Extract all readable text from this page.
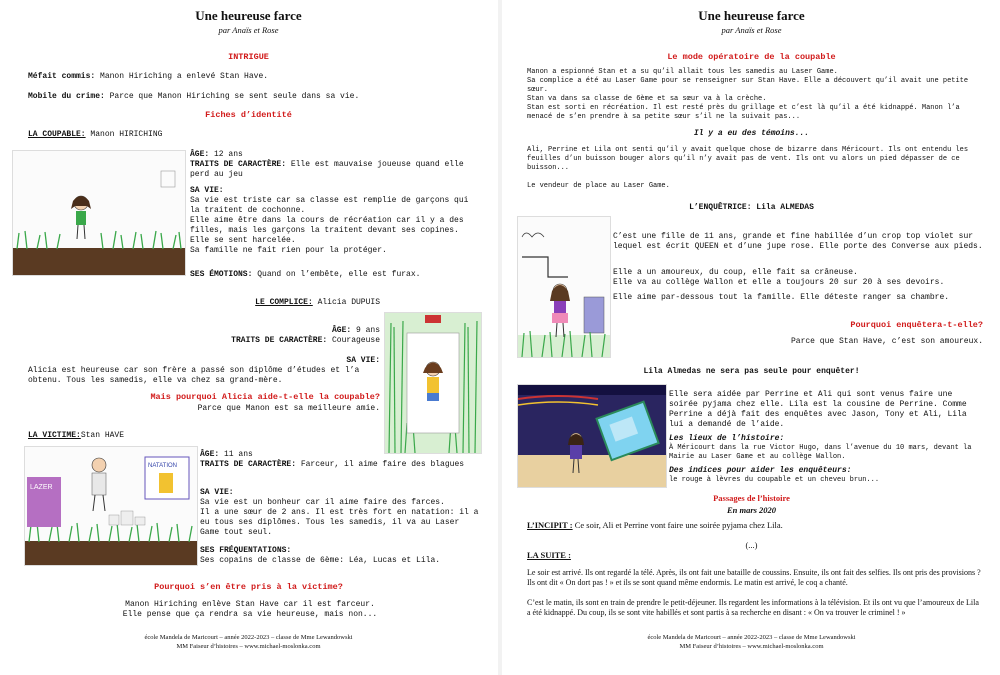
Une heureuse farce
par Anaïs et Rose
INTRIGUE
Méfait commis: Manon Hiriching a enlevé Stan Have.
Mobile du crime: Parce que Manon Hiriching se sent seule dans sa vie.
Fiches d’identité
LA COUPABLE: Manon HIRICHING
ÂGE: 12 ans
TRAITS DE CARACTÈRE: Elle est mauvaise joueuse quand elle perd au jeu
SA VIE:
Sa vie est triste car sa classe est remplie de garçons qui la traitent de cochonne.
Elle aime être dans la cours de récréation car il y a des filles, mais les garçons la traitent devant ses copines.
Elle se sent harcelée.
Sa famille ne fait rien pour la protéger.
SES ÉMOTIONS: Quand on l’embête, elle est furax.
LE COMPLICE: Alicia DUPUIS
ÂGE: 9 ans
TRAITS DE CARACTÈRE: Courageuse
SA VIE:
Alicia est heureuse car son frère a passé son diplôme d’études et l’a obtenu. Tous les samedis, elle va chez sa grand-mère.
Mais pourquoi Alicia aide-t-elle la coupable?
Parce que Manon est sa meilleure amie.
LA VICTIME:Stan HAVE
LAZER
NATATION
ÂGE: 11 ans
TRAITS DE CARACTÈRE: Farceur, il aime faire des blagues
SA VIE:
Sa vie est un bonheur car il aime faire des farces.
Il a une sœur de 2 ans. Il est très fort en natation: il a eu tous ses diplômes. Tous les samedis, il va au Laser Game tout seul.
SES FRÉQUENTATIONS:
Ses copains de classe de 6ème: Léa, Lucas et Lila.
Pourquoi s’en être pris à la victime?
Manon Hiriching enlève Stan Have car il est farceur.
Elle pense que ça rendra sa vie heureuse, mais non...
école Mandela de Maricourt – année 2022-2023 – classe de Mme Lewandowski
MM Faiseur d’histoires – www.michael-moslonka.com
Une heureuse farce
par Anaïs et Rose
Le mode opératoire de la coupable
Manon a espionné Stan et a su qu’il allait tous les samedis au Laser Game.
Sa complice a été au Laser Game pour se renseigner sur Stan Have. Elle a découvert qu’il avait une petite sœur.
Stan va dans sa classe de 6ème et sa sœur va à la crèche.
Stan est sorti en récréation. Il est resté près du grillage et c’est là qu’il a été kidnappé. Manon l’a menacé de s’en prendre à sa petite sœur s’il ne la suivait pas...
Il y a eu des témoins...
Ali, Perrine et Lila ont senti qu’il y avait quelque chose de bizarre dans Méricourt. Ils ont entendu les feuilles d’un buisson bouger alors qu’il n’y avait pas de vent. Ils ont vu alors un pied dépasser de ce buisson...

Le vendeur de place au Laser Game.
L’ENQUÊTRICE: Lila ALMEDAS
C’est une fille de 11 ans, grande et fine habillée d’un crop top violet sur lequel est écrit QUEEN et d’une jupe rose. Elle porte des Converse aux pieds.
Elle a un amoureux, du coup, elle fait sa crâneuse.
Elle va au collège Wallon et elle a toujours 20 sur 20 à ses devoirs.
Elle aime par-dessous tout la famille. Elle déteste ranger sa chambre.
Pourquoi enquêtera-t-elle?
Parce que Stan Have, c’est son amoureux.
Lila Almedas ne sera pas seule pour enquêter!
Elle sera aidée par Perrine et Ali qui sont venus faire une soirée pyjama chez elle. Lila est la cousine de Perrine. Comme Perrine a déjà fait des enquêtes avec Jason, Tony et Ali, Lila lui a demandé de l’aide.
Les lieux de l’histoire:
À Méricourt dans la rue Victor Hugo, dans l’avenue du 10 mars, devant la Mairie au Laser Game et au collège Wallon.
Des indices pour aider les enquêteurs:
le rouge à lèvres du coupable et un cheveu brun...
Passages de l’histoire
En mars 2020
L’INCIPIT : Ce soir, Ali et Perrine vont faire une soirée pyjama chez Lila.
(...)
LA SUITE :
Le soir est arrivé. Ils ont regardé la télé. Après, ils ont fait une bataille de coussins. Ensuite, ils ont fait des selfies. Ils ont pris des provisions ? Ils ont dit « On dort pas ! » et ils se sont quand même endormis. Le matin est arrivé, le coq a chanté.
C’est le matin, ils sont en train de prendre le petit-déjeuner. Ils regardent les informations à la télévision. Et ils ont vu que l’amoureux de Lila a été kidnappé. Du coup, ils se sont vite habillés et sont partis à sa recherche en disant : « On va trouver le criminel ! »
école Mandela de Maricourt – année 2022-2023 – classe de Mme Lewandowski
MM Faiseur d’histoires – www.michael-moslonka.com
